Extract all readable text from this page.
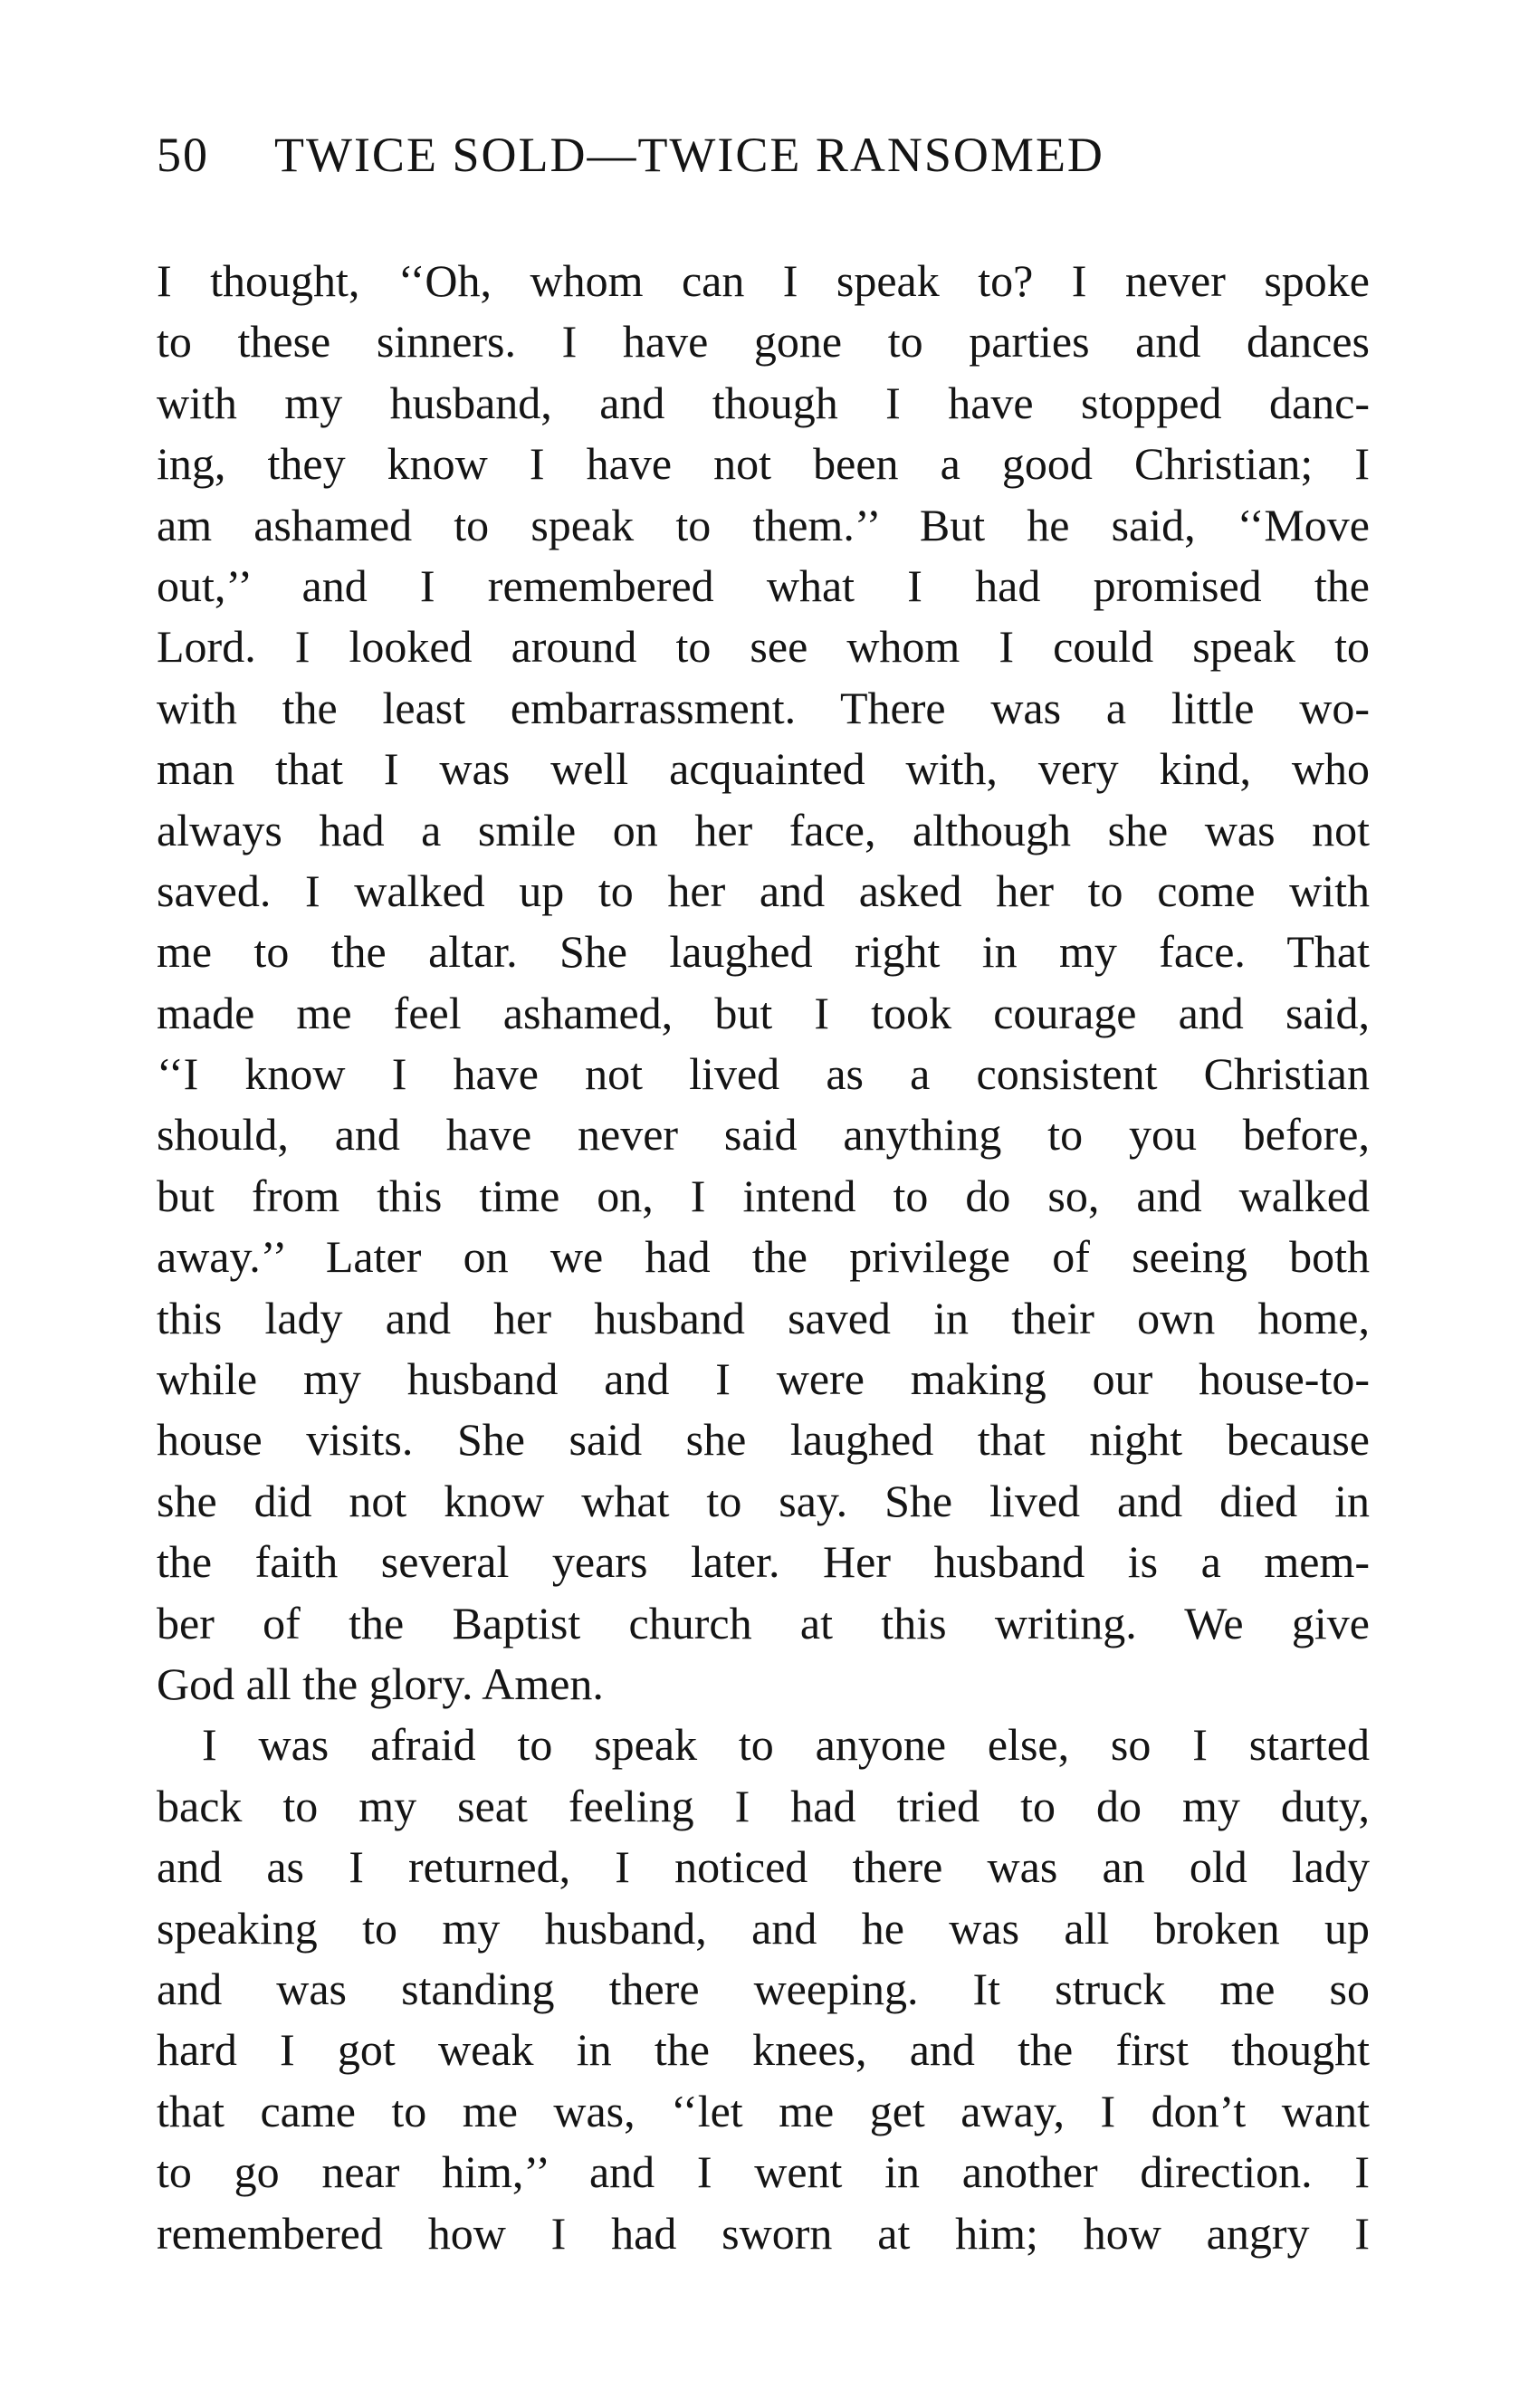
50 TWICE SOLD—TWICE RANSOMED
I thought, ‘‘Oh, whom can I speak to? I never spoke
to these sinners. I have gone to parties and dances
with my husband, and though I have stopped danc-
ing, they know I have not been a good Christian; I
am ashamed to speak to them.’’ But he said, ‘‘Move
out,’’ and I remembered what I had promised the
Lord. I looked around to see whom I could speak to
with the least embarrassment. There was a little wo-
man that I was well acquainted with, very kind, who
always had a smile on her face, although she was not
saved. I walked up to her and asked her to come with
me to the altar. She laughed right in my face. That
made me feel ashamed, but I took courage and said,
‘‘I know I have not lived as a consistent Christian
should, and have never said anything to you before,
but from this time on, I intend to do so, and walked
away.’’ Later on we had the privilege of seeing both
this lady and her husband saved in their own home,
while my husband and I were making our house-to-
house visits. She said she laughed that night because
she did not know what to say. She lived and died in
the faith several years later. Her husband is a mem-
ber of the Baptist church at this writing. We give
God all the glory. Amen.
I was afraid to speak to anyone else, so I started
back to my seat feeling I had tried to do my duty,
and as I returned, I noticed there was an old lady
speaking to my husband, and he was all broken up
and was standing there weeping. It struck me so
hard I got weak in the knees, and the first thought
that came to me was, ‘‘let me get away, I don’t want
to go near him,’’ and I went in another direction. I
remembered how I had sworn at him; how angry I
